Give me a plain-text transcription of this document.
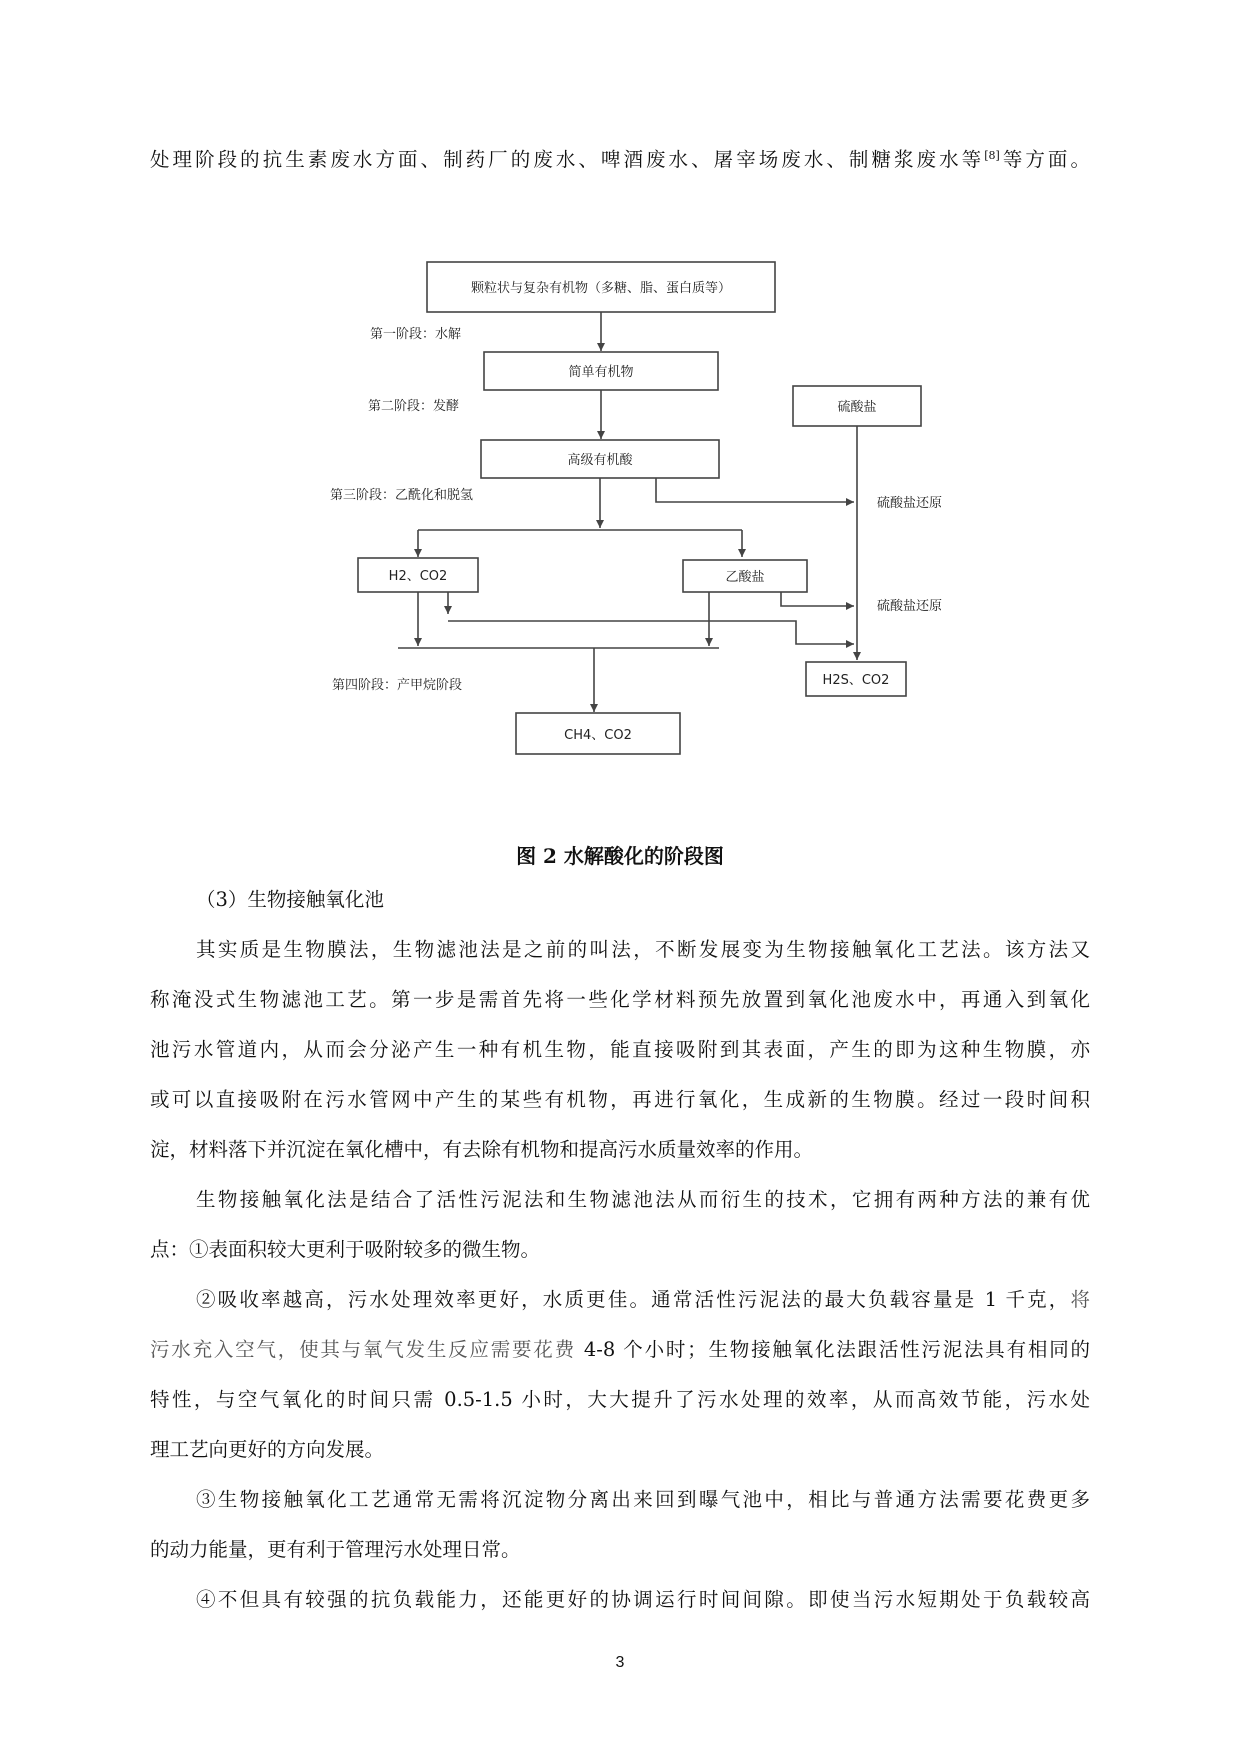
处理阶段的抗生素废水方面、制药厂的废水、啤酒废水、屠宰场废水、制糖浆废水等[8]等方面。
颗粒状与复杂有机物（多糖、脂、蛋白质等）
第一阶段：水解
简单有机物
第二阶段：发酵	硫酸盐
高级有机酸
硫酸盐还原
第三阶段：乙酰化和脱氢
H2、CO2	乙酸盐
硫酸盐还原
H2S、CO2
第四阶段：产甲烷阶段
CH4、CO2
图 2 水解酸化的阶段图
（3）生物接触氧化池
其实质是生物膜法，生物滤池法是之前的叫法，不断发展变为生物接触氧化工艺法。该方法又
称淹没式生物滤池工艺。第一步是需首先将一些化学材料预先放置到氧化池废水中，再通入到氧化
池污水管道内，从而会分泌产生一种有机生物，能直接吸附到其表面，产生的即为这种生物膜，亦
或可以直接吸附在污水管网中产生的某些有机物，再进行氧化，生成新的生物膜。经过一段时间积
淀，材料落下并沉淀在氧化槽中，有去除有机物和提高污水质量效率的作用。
生物接触氧化法是结合了活性污泥法和生物滤池法从而衍生的技术，它拥有两种方法的兼有优
点：①表面积较大更利于吸附较多的微生物。
②吸收率越高，污水处理效率更好，水质更佳。通常活性污泥法的最大负载容量是 1 千克，将
污水充入空气，使其与氧气发生反应需要花费 4-8 个小时；生物接触氧化法跟活性污泥法具有相同的
特性，与空气氧化的时间只需 0.5-1.5 小时，大大提升了污水处理的效率，从而高效节能，污水处
理工艺向更好的方向发展。
③生物接触氧化工艺通常无需将沉淀物分离出来回到曝气池中，相比与普通方法需要花费更多
的动力能量，更有利于管理污水处理日常。
④不但具有较强的抗负载能力，还能更好的协调运行时间间隙。即使当污水短期处于负载较高
3
